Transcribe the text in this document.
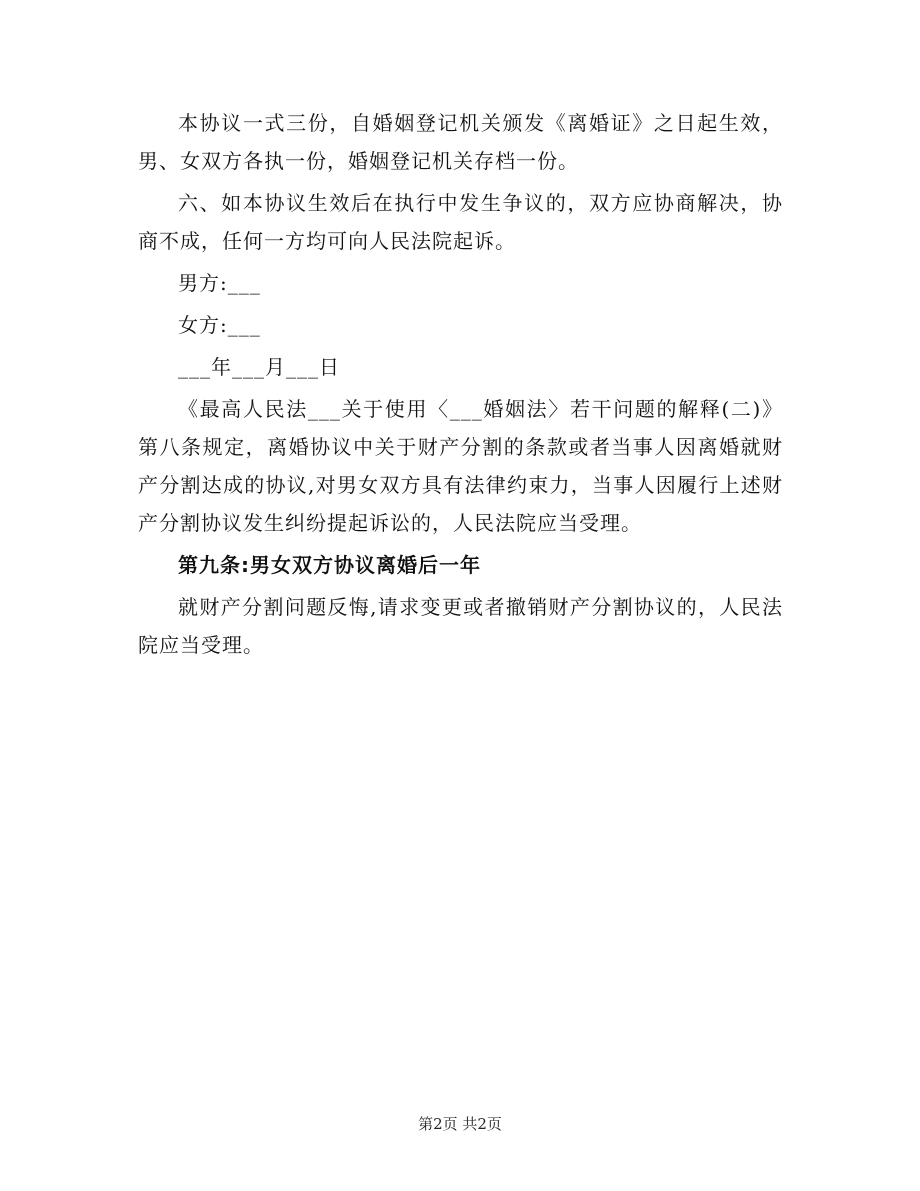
本协议一式三份，自婚姻登记机关颁发《离婚证》之日起生效，男、女双方各执一份，婚姻登记机关存档一份。

六、如本协议生效后在执行中发生争议的，双方应协商解决，协商不成，任何一方均可向人民法院起诉。

男方:___

女方:___

___年___月___日

《最高人民法___关于使用〈___婚姻法〉若干问题的解释(二)》第八条规定，离婚协议中关于财产分割的条款或者当事人因离婚就财产分割达成的协议,对男女双方具有法律约束力，当事人因履行上述财产分割协议发生纠纷提起诉讼的，人民法院应当受理。

第九条:男女双方协议离婚后一年

就财产分割问题反悔,请求变更或者撤销财产分割协议的，人民法院应当受理。

第2页 共2页
